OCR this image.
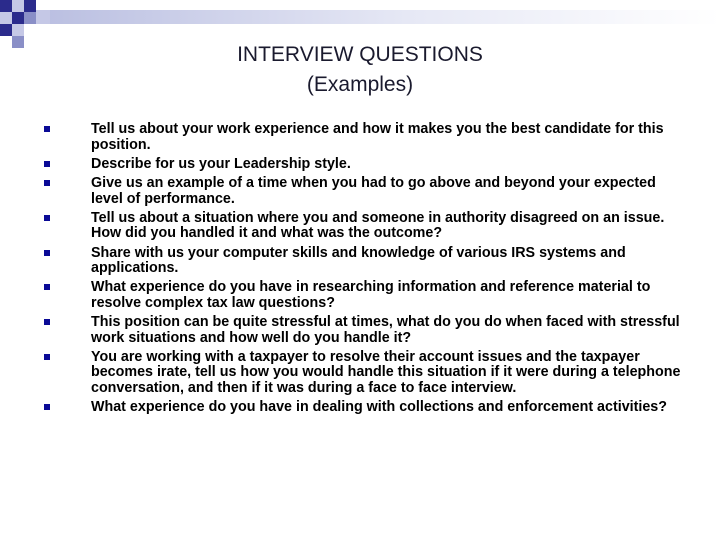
INTERVIEW QUESTIONS
(Examples)
Tell us about your work experience and how it makes you the best candidate for this position.
Describe for us your Leadership style.
Give us an example of a time when you had to go above and beyond your expected level of performance.
Tell us about a situation where you and someone in authority disagreed on an issue. How did you handled it and what was the outcome?
Share with us your computer skills and knowledge of various IRS systems and applications.
What experience do you have in researching information and reference material to resolve complex tax law questions?
This position can be quite stressful at times, what do you do when faced with stressful work situations and how well do you handle it?
You are working with a taxpayer to resolve their account issues and the taxpayer becomes irate, tell us how you would handle this situation if it were during a telephone conversation, and then if it was during a face to face interview.
What experience do you have in dealing with collections and enforcement activities?
